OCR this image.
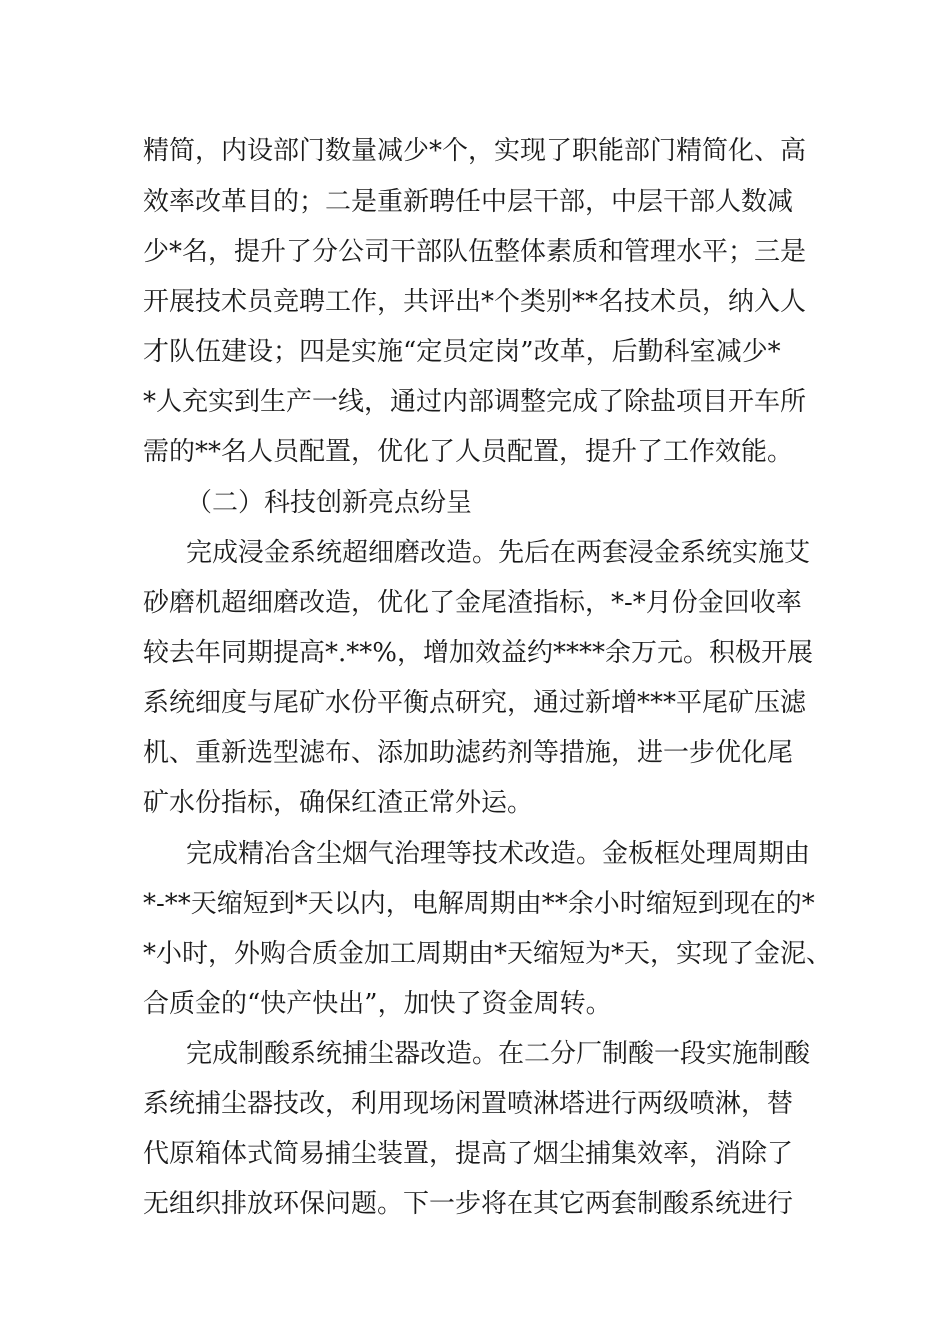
精简，内设部门数量减少*个，实现了职能部门精简化、高
效率改革目的；二是重新聘任中层干部，中层干部人数减
少*名，提升了分公司干部队伍整体素质和管理水平；三是
开展技术员竞聘工作，共评出*个类别**名技术员，纳入人
才队伍建设；四是实施“定员定岗”改革，后勤科室减少*
*人充实到生产一线，通过内部调整完成了除盐项目开车所
需的**名人员配置，优化了人员配置，提升了工作效能。
（二）科技创新亮点纷呈
完成浸金系统超细磨改造。先后在两套浸金系统实施艾
砂磨机超细磨改造，优化了金尾渣指标，*-*月份金回收率
较去年同期提高*.**%，增加效益约****余万元。积极开展
系统细度与尾矿水份平衡点研究，通过新增***平尾矿压滤
机、重新选型滤布、添加助滤药剂等措施，进一步优化尾
矿水份指标，确保红渣正常外运。
完成精冶含尘烟气治理等技术改造。金板框处理周期由
*-**天缩短到*天以内，电解周期由**余小时缩短到现在的*
*小时，外购合质金加工周期由*天缩短为*天，实现了金泥、
合质金的“快产快出”，加快了资金周转。
完成制酸系统捕尘器改造。在二分厂制酸一段实施制酸
系统捕尘器技改，利用现场闲置喷淋塔进行两级喷淋，替
代原箱体式简易捕尘装置，提高了烟尘捕集效率，消除了
无组织排放环保问题。下一步将在其它两套制酸系统进行
